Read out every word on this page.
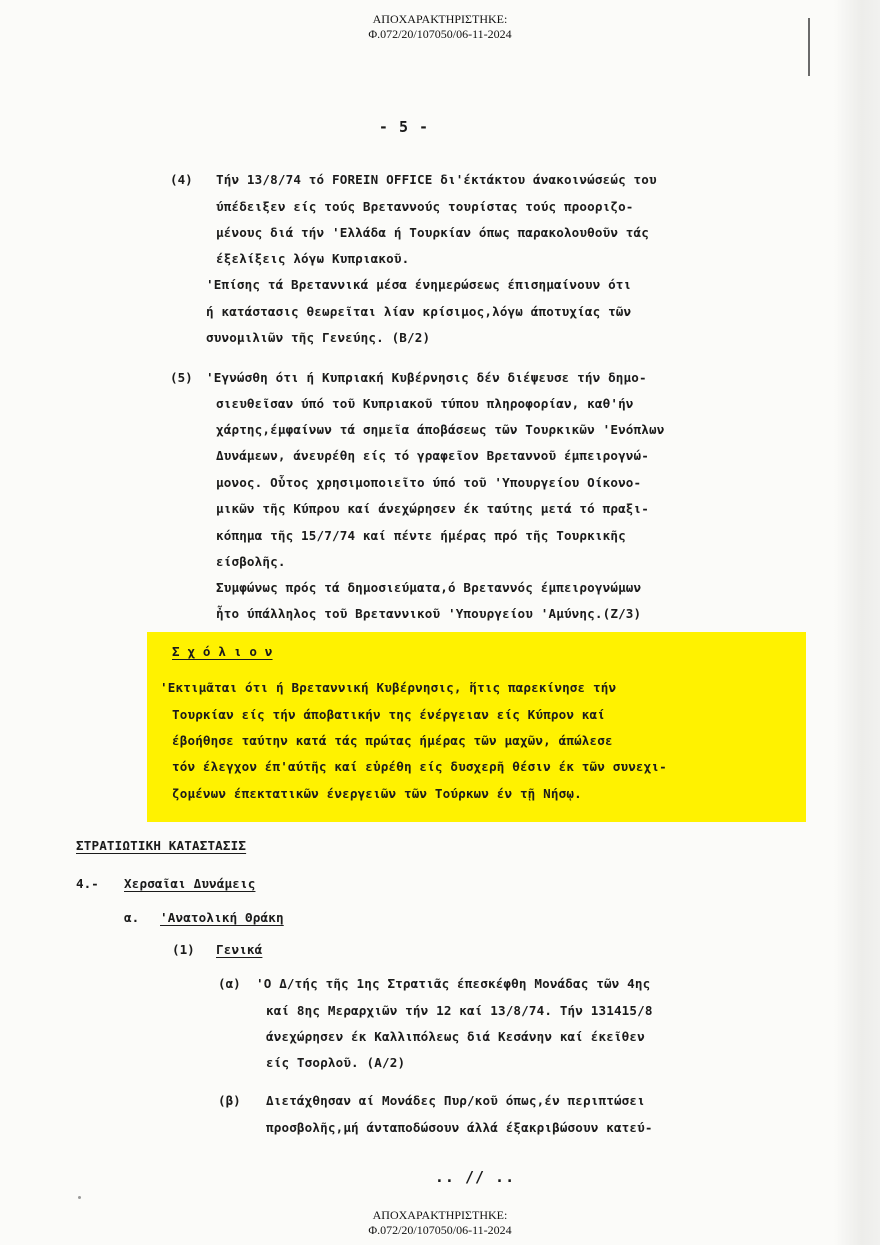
ΑΠΟΧΑΡΑΚΤΗΡΙΣΤΗΚΕ:
Φ.072/20/107050/06-11-2024
- 5 -
(4) Τήν 13/8/74 τό FOREIN OFFICE δι'έκτάκτου άνακοινώσεώς του
ύπέδειξεν είς τούς Βρεταννούς τουρίστας τούς προοριζο-
μένους διά τήν 'Ελλάδα ή Τουρκίαν όπως παρακολουθοῦν τάς
έξελίξεις λόγω Κυπριακοῦ.
'Επίσης τά Βρεταννικά μέσα ένημερώσεως έπισημαίνουν ότι
ή κατάστασις θεωρεῖται λίαν κρίσιμος,λόγω άποτυχίας τῶν
συνομιλιῶν τῆς Γενεύης. (Β/2)
(5) 'Εγνώσθη ότι ή Κυπριακή Κυβέρνησις δέν διέψευσε τήν δημο-
σιευθεῖσαν ύπό τοῦ Κυπριακοῦ τύπου πληροφορίαν, καθ'ήν
χάρτης,έμφαίνων τά σημεῖα άποβάσεως τῶν Τουρκικῶν 'Ενόπλων
Δυνάμεων, άνευρέθη είς τό γραφεῖον Βρεταννοῦ έμπειρογνώ-
μονος. Οὗτος χρησιμοποιεῖτο ύπό τοῦ 'Υπουργείου Οίκονο-
μικῶν τῆς Κύπρου καί άνεχώρησεν έκ ταύτης μετά τό πραξι-
κόπημα τῆς 15/7/74 καί πέντε ήμέρας πρό τῆς Τουρκικῆς
είσβολῆς.
Συμφώνως πρός τά δημοσιεύματα,ό Βρεταννός έμπειρογνώμων
ἦτο ύπάλληλος τοῦ Βρεταννικοῦ 'Υπουργείου 'Αμύνης.(Ζ/3)
Σ χ ό λ ι ο ν
'Εκτιμᾶται ότι ή Βρεταννική Κυβέρνησις, ἥτις παρεκίνησε τήν
Τουρκίαν είς τήν άποβατικήν της ένέργειαν είς Κύπρον καί
έβοήθησε ταύτην κατά τάς πρώτας ήμέρας τῶν μαχῶν, άπώλεσε
τόν έλεγχον έπ'αύτῆς καί εὑρέθη είς δυσχερῆ θέσιν έκ τῶν συνεχι-
ζομένων έπεκτατικῶν ένεργειῶν τῶν Τούρκων έν τῇ Νήσῳ.
ΣΤΡΑΤΙΩΤΙΚΗ ΚΑΤΑΣΤΑΣΙΣ
4.- Χερσαῖαι Δυνάμεις
α. 'Ανατολική Θράκη
(1) Γενικά
(α) 'Ο Δ/τής τῆς 1ης Στρατιᾶς έπεσκέφθη Μονάδας τῶν 4ης
καί 8ης Μεραρχιῶν τήν 12 καί 13/8/74. Τήν 131415/8
άνεχώρησεν έκ Καλλιπόλεως διά Κεσάνην καί έκεῖθεν
είς Τσορλοῦ. (Α/2)
(β) Διετάχθησαν αί Μονάδες Πυρ/κοῦ όπως,έν περιπτώσει
προσβολῆς,μή άνταποδώσουν άλλά έξακριβώσουν κατεύ-
.. // ..
ΑΠΟΧΑΡΑΚΤΗΡΙΣΤΗΚΕ:
Φ.072/20/107050/06-11-2024
